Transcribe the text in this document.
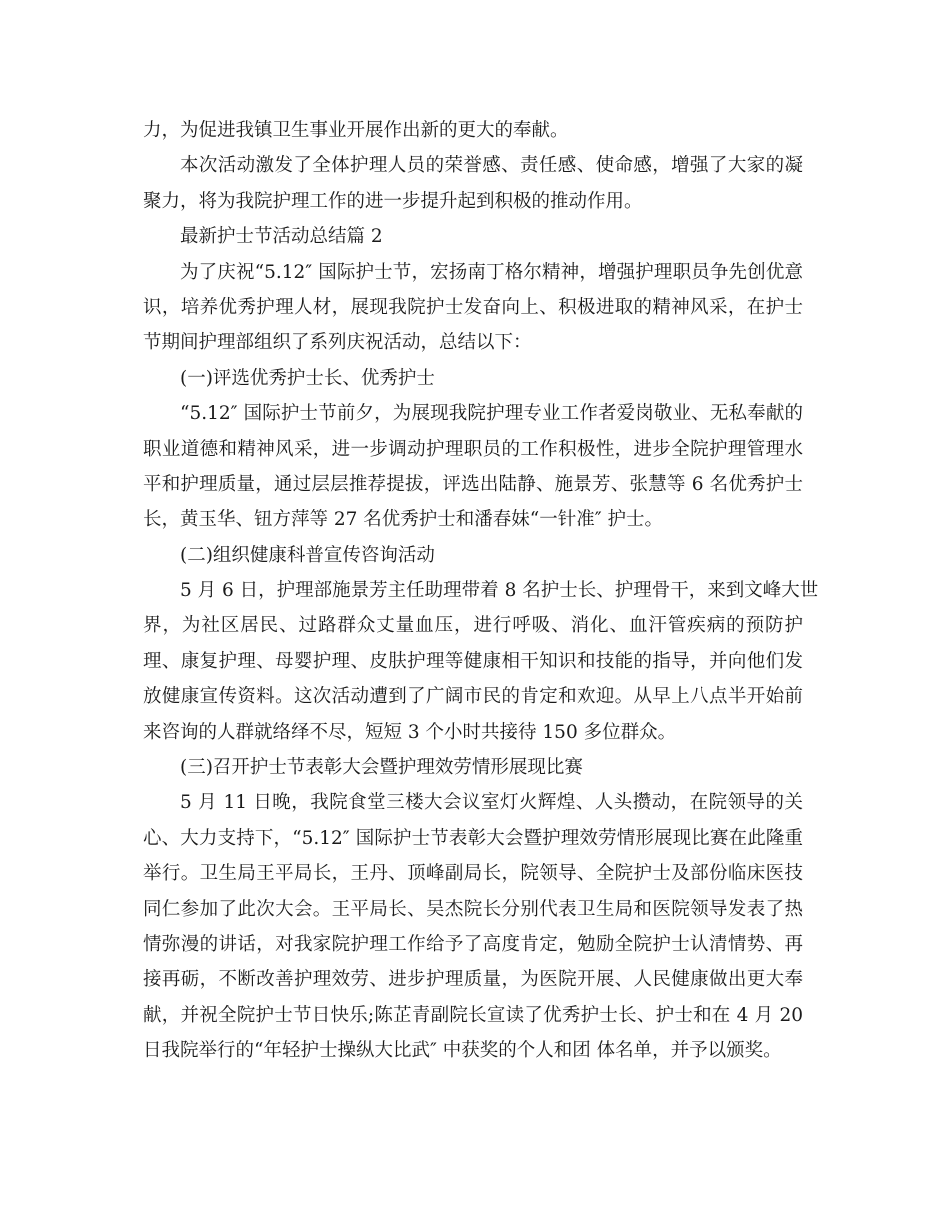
力，为促进我镇卫生事业开展作出新的更大的奉献。
本次活动激发了全体护理人员的荣誉感、责任感、使命感，增强了大家的凝
聚力，将为我院护理工作的进一步提升起到积极的推动作用。
最新护士节活动总结篇 2
为了庆祝“5.12″ 国际护士节，宏扬南丁格尔精神，增强护理职员争先创优意
识，培养优秀护理人材，展现我院护士发奋向上、积极进取的精神风采，在护士
节期间护理部组织了系列庆祝活动，总结以下：
(一)评选优秀护士长、优秀护士
“5.12″ 国际护士节前夕，为展现我院护理专业工作者爱岗敬业、无私奉献的
职业道德和精神风采，进一步调动护理职员的工作积极性，进步全院护理管理水
平和护理质量，通过层层推荐提拔，评选出陆静、施景芳、张慧等 6 名优秀护士
长，黄玉华、钮方萍等 27 名优秀护士和潘春妹“一针准″ 护士。
(二)组织健康科普宣传咨询活动
5 月 6 日，护理部施景芳主任助理带着 8 名护士长、护理骨干，来到文峰大世
界，为社区居民、过路群众丈量血压，进行呼吸、消化、血汗管疾病的预防护
理、康复护理、母婴护理、皮肤护理等健康相干知识和技能的指导，并向他们发
放健康宣传资料。这次活动遭到了广阔市民的肯定和欢迎。从早上八点半开始前
来咨询的人群就络绎不尽，短短 3 个小时共接待 150 多位群众。
(三)召开护士节表彰大会暨护理效劳情形展现比赛
5 月 11 日晚，我院食堂三楼大会议室灯火辉煌、人头攒动，在院领导的关
心、大力支持下，“5.12″ 国际护士节表彰大会暨护理效劳情形展现比赛在此隆重
举行。卫生局王平局长，王丹、顶峰副局长，院领导、全院护士及部份临床医技
同仁参加了此次大会。王平局长、吴杰院长分别代表卫生局和医院领导发表了热
情弥漫的讲话，对我家院护理工作给予了高度肯定，勉励全院护士认清情势、再
接再砺，不断改善护理效劳、进步护理质量，为医院开展、人民健康做出更大奉
献，并祝全院护士节日快乐;陈芷青副院长宣读了优秀护士长、护士和在 4 月 20
日我院举行的“年轻护士操纵大比武″ 中获奖的个人和团 体名单，并予以颁奖。
